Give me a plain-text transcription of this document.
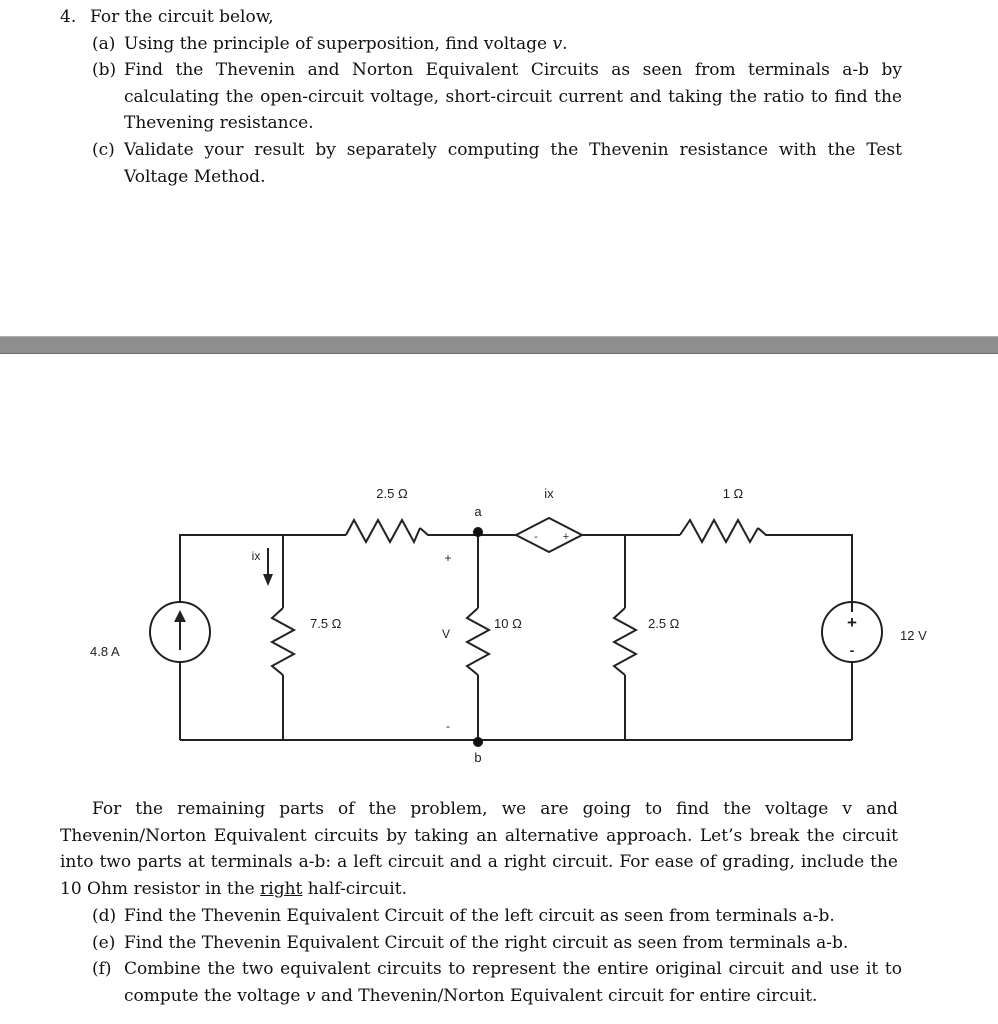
4. For the circuit below,
(a) Using the principle of superposition, find voltage v.
(b) Find the Thevenin and Norton Equivalent Circuits as seen from terminals a-b by calculating the open-circuit voltage, short-circuit current and taking the ratio to find the Thevening resistance.
(c) Validate your result by separately computing the Thevenin resistance with the Test Voltage Method.
2.5 Ω
a
ix	1 Ω
ix	+
- +
7.5 Ω
V
10 Ω	2.5 Ω	+
-
12 V
4.8 A
-
b

For the remaining parts of the problem, we are going to find the voltage v and Thevenin/Norton Equivalent circuits by taking an alternative approach. Let’s break the circuit into two parts at terminals a-b: a left circuit and a right circuit. For ease of grading, include the 10 Ohm resistor in the right half-circuit.

(d) Find the Thevenin Equivalent Circuit of the left circuit as seen from terminals a-b.
(e) Find the Thevenin Equivalent Circuit of the right circuit as seen from terminals a-b.
(f) Combine the two equivalent circuits to represent the entire original circuit and use it to compute the voltage v and Thevenin/Norton Equivalent circuit for entire circuit.
